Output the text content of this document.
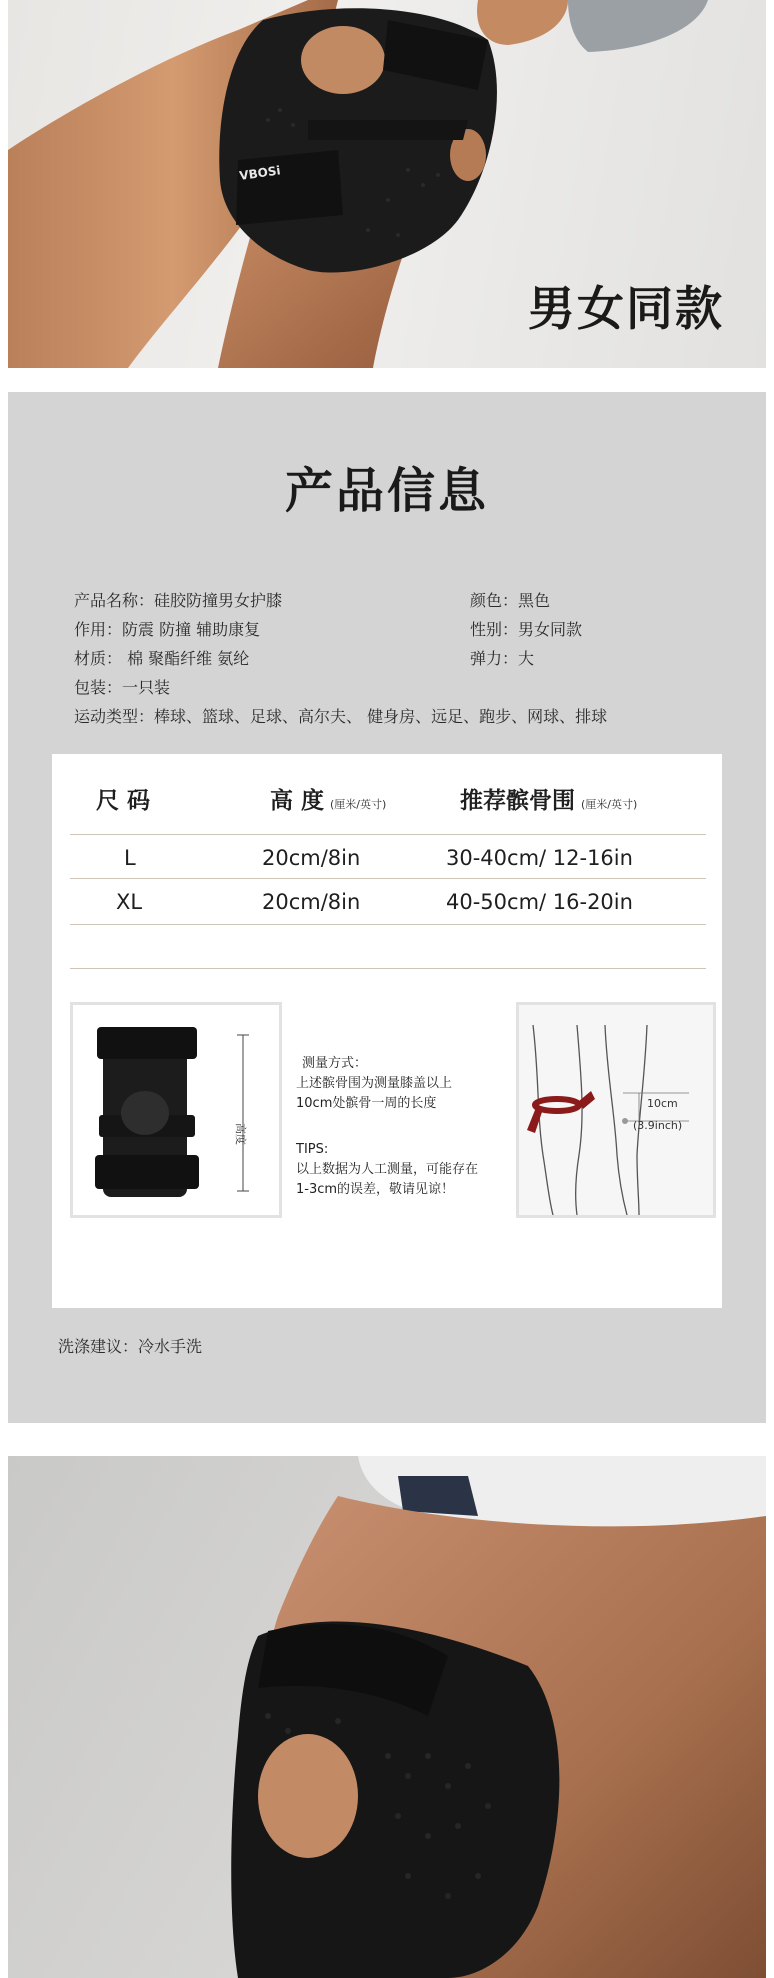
VBOSi
男女同款
产品信息
产品名称：硅胶防撞男女护膝	颜色：黑色
作用：防震 防撞 辅助康复	性别：男女同款
材质： 棉 聚酯纤维 氨纶	弹力：大
包装：一只装
运动类型：棒球、篮球、足球、高尔夫、 健身房、远足、跑步、网球、排球
尺 码	高 度 (厘米/英寸)	推荐髌骨围 (厘米/英寸)
L	20cm/8in	30-40cm/ 12-16in
XL	20cm/8in	40-50cm/ 16-20in
高度
测量方式：
上述髌骨围为测量膝盖以上
10cm处髌骨一周的长度
TIPS:
以上数据为人工测量，可能存在
1-3cm的误差，敬请见谅！
10cm
(3.9inch)
洗涤建议：冷水手洗
